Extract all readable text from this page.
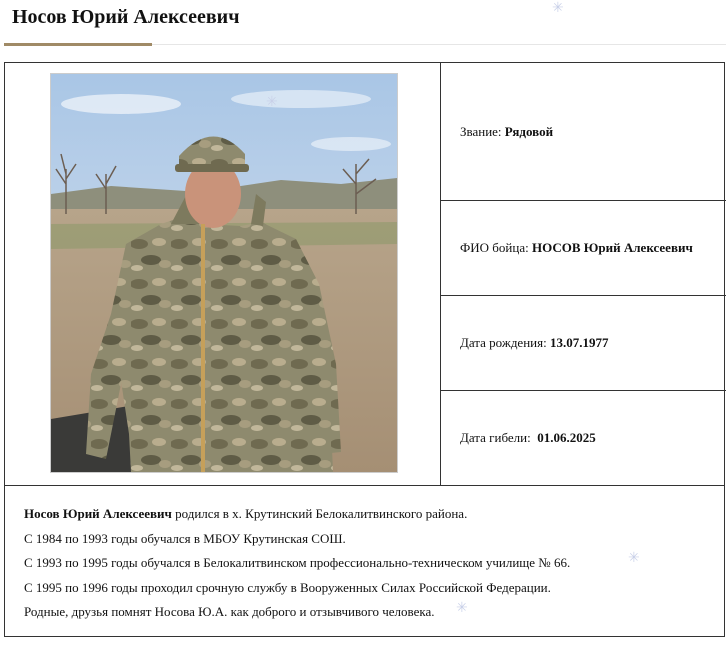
Носов Юрий Алексеевич
Звание: Рядовой
ФИО бойца: НОСОВ Юрий Алексеевич
Дата рождения: 13.07.1977
Дата гибели: 01.06.2025

Носов Юрий Алексеевич родился в х. Крутинский Белокалитвинского района.

С 1984 по 1993 годы обучался в МБОУ Крутинская СОШ.

С 1993 по 1995 годы обучался в Белокалитвинском профессионально-техническом училище № 66.

С 1995 по 1996 годы проходил срочную службу в Вооруженных Силах Российской Федерации.

Родные, друзья помнят Носова Ю.А. как доброго и отзывчивого человека.

✳
✳
✳
✳
